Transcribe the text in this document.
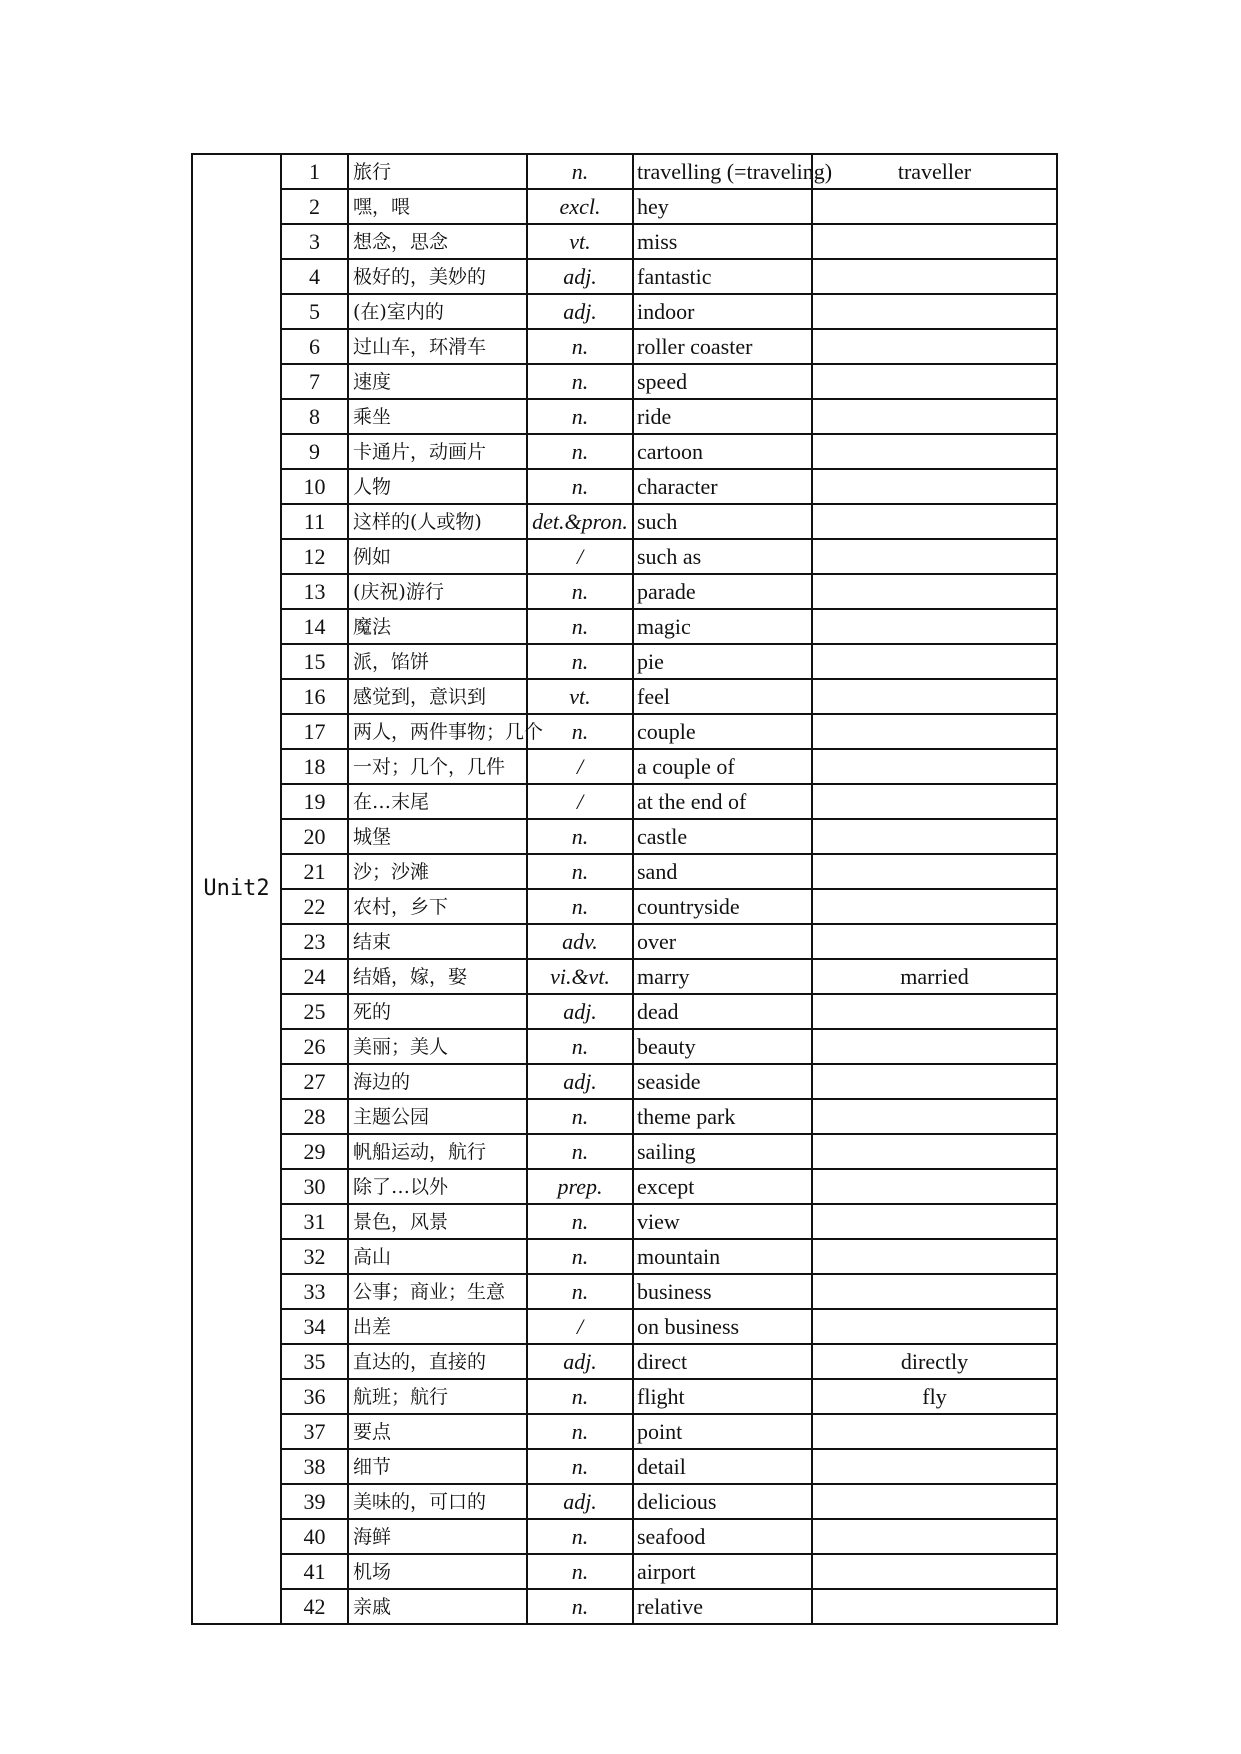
Unit2	1	旅行	n.	travelling (=traveling)	traveller
	2	嘿，喂	excl.	hey	
	3	想念，思念	vt.	miss	
	4	极好的，美妙的	adj.	fantastic	
	5	(在)室内的	adj.	indoor	
	6	过山车，环滑车	n.	roller coaster	
	7	速度	n.	speed	
	8	乘坐	n.	ride	
	9	卡通片，动画片	n.	cartoon	
	10	人物	n.	character	
	11	这样的(人或物)	det.&pron.	such	
	12	例如	/	such as	
	13	(庆祝)游行	n.	parade	
	14	魔法	n.	magic	
	15	派，馅饼	n.	pie	
	16	感觉到，意识到	vt.	feel	
	17	两人，两件事物；几个	n.	couple	
	18	一对；几个，几件	/	a couple of	
	19	在…末尾	/	at the end of	
	20	城堡	n.	castle	
	21	沙；沙滩	n.	sand	
	22	农村，乡下	n.	countryside	
	23	结束	adv.	over	
	24	结婚，嫁，娶	vi.&vt.	marry	married
	25	死的	adj.	dead	
	26	美丽；美人	n.	beauty	
	27	海边的	adj.	seaside	
	28	主题公园	n.	theme park	
	29	帆船运动，航行	n.	sailing	
	30	除了…以外	prep.	except	
	31	景色，风景	n.	view	
	32	高山	n.	mountain	
	33	公事；商业；生意	n.	business	
	34	出差	/	on business	
	35	直达的，直接的	adj.	direct	directly
	36	航班；航行	n.	flight	fly
	37	要点	n.	point	
	38	细节	n.	detail	
	39	美味的，可口的	adj.	delicious	
	40	海鲜	n.	seafood	
	41	机场	n.	airport	
	42	亲戚	n.	relative	
